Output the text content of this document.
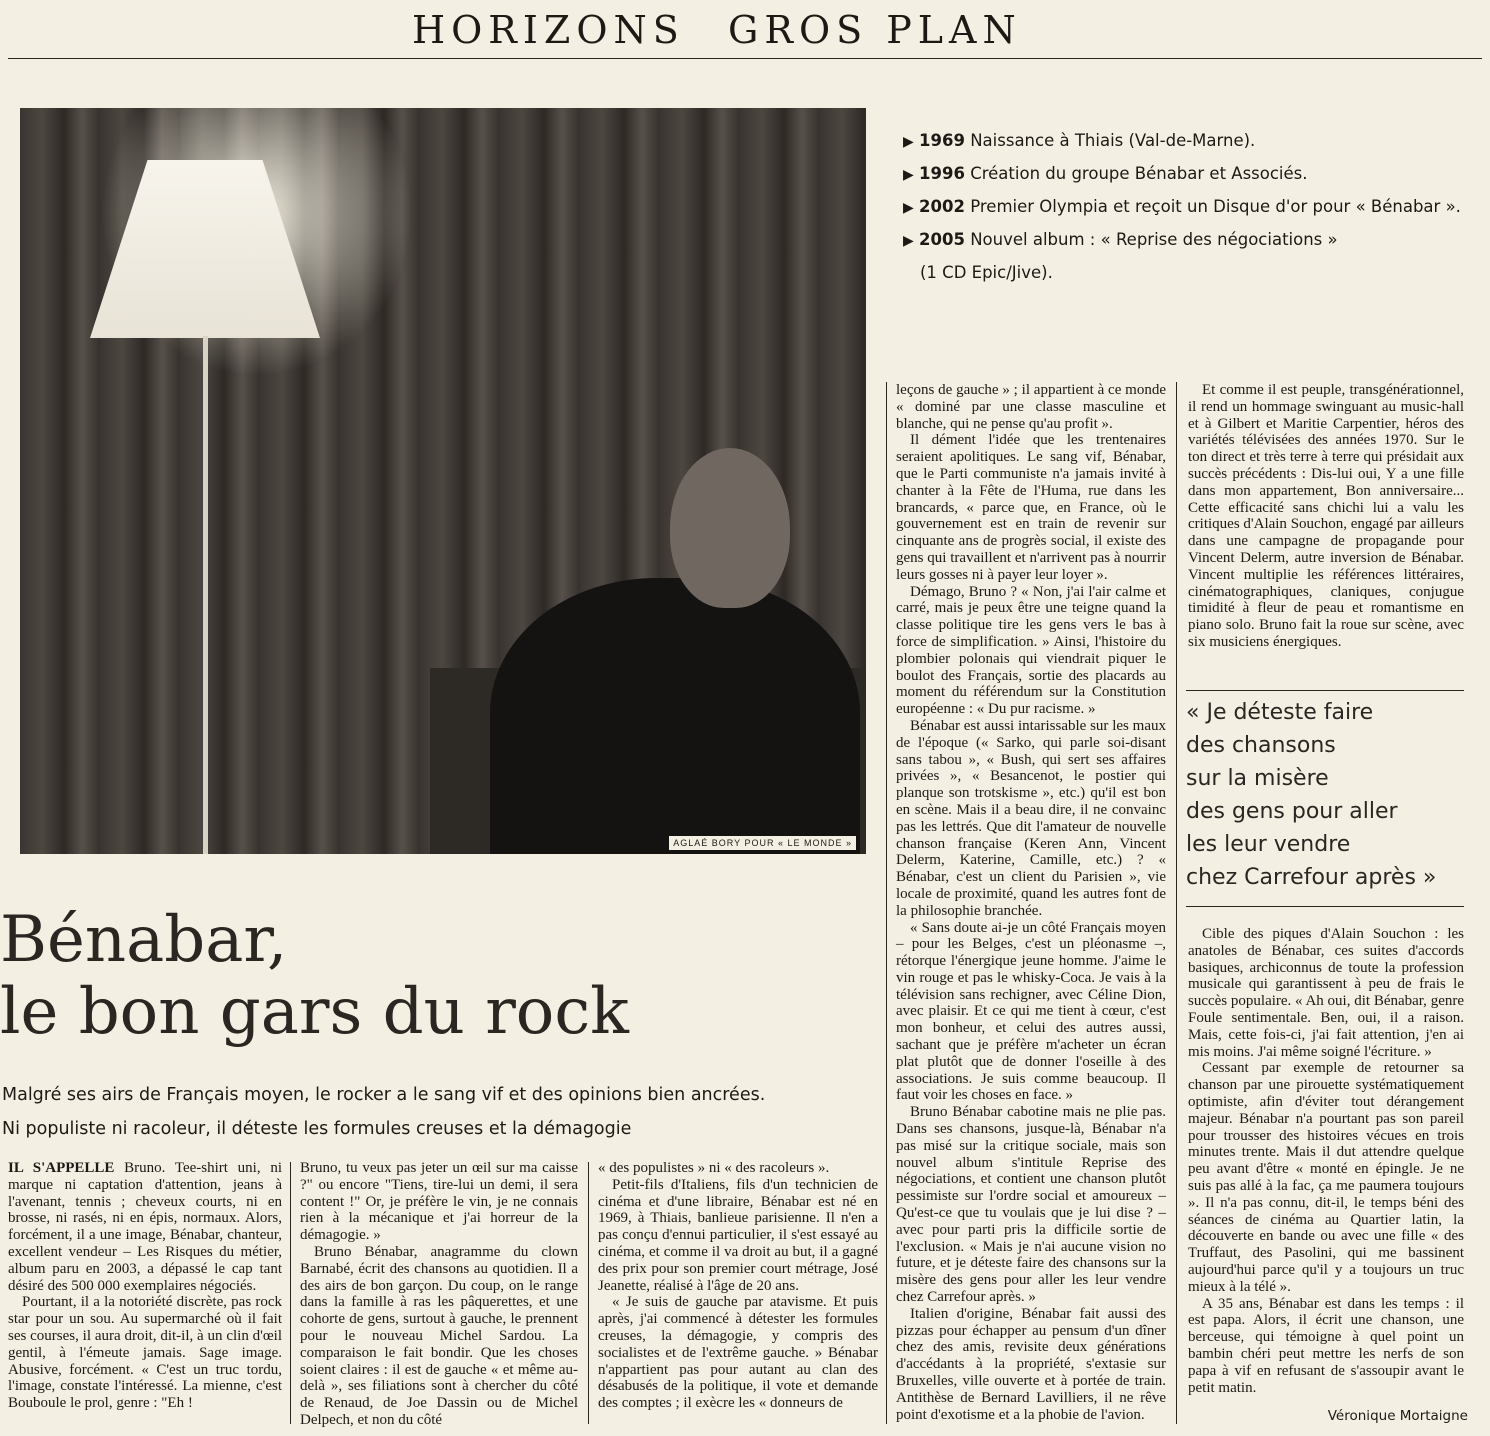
HORIZONS GROS PLAN
AGLAÉ BORY POUR « LE MONDE »
▶ 1969 Naissance à Thiais (Val-de-Marne).
▶ 1996 Création du groupe Bénabar et Associés.
▶ 2002 Premier Olympia et reçoit un Disque d'or pour « Bénabar ».
▶ 2005 Nouvel album : « Reprise des négociations »
(1 CD Epic/Jive).
Bénabar,
le bon gars du rock
Malgré ses airs de Français moyen, le rocker a le sang vif et des opinions bien ancrées.
Ni populiste ni racoleur, il déteste les formules creuses et la démagogie

IL S'APPELLE Bruno. Tee-shirt uni, ni marque ni captation d'attention, jeans à l'avenant, tennis ; cheveux courts, ni en brosse, ni rasés, ni en épis, normaux. Alors, forcément, il a une image, Bénabar, chanteur, excellent vendeur – Les Risques du métier, album paru en 2003, a dépassé le cap tant désiré des 500 000 exemplaires négociés.

Pourtant, il a la notoriété discrète, pas rock star pour un sou. Au supermarché où il fait ses courses, il aura droit, dit-il, à un clin d'œil gentil, à l'émeute jamais. Sage image. Abusive, forcément. « C'est un truc tordu, l'image, constate l'intéressé. La mienne, c'est Bouboule le prol, genre : "Eh !

Bruno, tu veux pas jeter un œil sur ma caisse ?" ou encore "Tiens, tire-lui un demi, il sera content !" Or, je préfère le vin, je ne connais rien à la mécanique et j'ai horreur de la démagogie. »

Bruno Bénabar, anagramme du clown Barnabé, écrit des chansons au quotidien. Il a des airs de bon garçon. Du coup, on le range dans la famille à ras les pâquerettes, et une cohorte de gens, surtout à gauche, le prennent pour le nouveau Michel Sardou. La comparaison le fait bondir. Que les choses soient claires : il est de gauche « et même au-delà », ses filiations sont à chercher du côté de Renaud, de Joe Dassin ou de Michel Delpech, et non du côté

« des populistes » ni « des racoleurs ».

Petit-fils d'Italiens, fils d'un technicien de cinéma et d'une libraire, Bénabar est né en 1969, à Thiais, banlieue parisienne. Il n'en a pas conçu d'ennui particulier, il s'est essayé au cinéma, et comme il va droit au but, il a gagné des prix pour son premier court métrage, José Jeanette, réalisé à l'âge de 20 ans.

« Je suis de gauche par atavisme. Et puis après, j'ai commencé à détester les formules creuses, la démagogie, y compris des socialistes et de l'extrême gauche. » Bénabar n'appartient pas pour autant au clan des désabusés de la politique, il vote et demande des comptes ; il exècre les « donneurs de

leçons de gauche » ; il appartient à ce monde « dominé par une classe masculine et blanche, qui ne pense qu'au profit ».

Il dément l'idée que les trentenaires seraient apolitiques. Le sang vif, Bénabar, que le Parti communiste n'a jamais invité à chanter à la Fête de l'Huma, rue dans les brancards, « parce que, en France, où le gouvernement est en train de revenir sur cinquante ans de progrès social, il existe des gens qui travaillent et n'arrivent pas à nourrir leurs gosses ni à payer leur loyer ».

Démago, Bruno ? « Non, j'ai l'air calme et carré, mais je peux être une teigne quand la classe politique tire les gens vers le bas à force de simplification. » Ainsi, l'histoire du plombier polonais qui viendrait piquer le boulot des Français, sortie des placards au moment du référendum sur la Constitution européenne : « Du pur racisme. »

Bénabar est aussi intarissable sur les maux de l'époque (« Sarko, qui parle soi-disant sans tabou », « Bush, qui sert ses affaires privées », « Besancenot, le postier qui planque son trotskisme », etc.) qu'il est bon en scène. Mais il a beau dire, il ne convainc pas les lettrés. Que dit l'amateur de nouvelle chanson française (Keren Ann, Vincent Delerm, Katerine, Camille, etc.) ? « Bénabar, c'est un client du Parisien », vie locale de proximité, quand les autres font de la philosophie branchée.

« Sans doute ai-je un côté Français moyen – pour les Belges, c'est un pléonasme –, rétorque l'énergique jeune homme. J'aime le vin rouge et pas le whisky-Coca. Je vais à la télévision sans rechigner, avec Céline Dion, avec plaisir. Et ce qui me tient à cœur, c'est mon bonheur, et celui des autres aussi, sachant que je préfère m'acheter un écran plat plutôt que de donner l'oseille à des associations. Je suis comme beaucoup. Il faut voir les choses en face. »

Bruno Bénabar cabotine mais ne plie pas. Dans ses chansons, jusque-là, Bénabar n'a pas misé sur la critique sociale, mais son nouvel album s'intitule Reprise des négociations, et contient une chanson plutôt pessimiste sur l'ordre social et amoureux – Qu'est-ce que tu voulais que je lui dise ? – avec pour parti pris la difficile sortie de l'exclusion. « Mais je n'ai aucune vision no future, et je déteste faire des chansons sur la misère des gens pour aller les leur vendre chez Carrefour après. »

Italien d'origine, Bénabar fait aussi des pizzas pour échapper au pensum d'un dîner chez des amis, revisite deux générations d'accédants à la propriété, s'extasie sur Bruxelles, ville ouverte et à portée de train. Antithèse de Bernard Lavilliers, il ne rêve point d'exotisme et a la phobie de l'avion.

Et comme il est peuple, transgénérationnel, il rend un hommage swinguant au music-hall et à Gilbert et Maritie Carpentier, héros des variétés télévisées des années 1970. Sur le ton direct et très terre à terre qui présidait aux succès précédents : Dis-lui oui, Y a une fille dans mon appartement, Bon anniversaire... Cette efficacité sans chichi lui a valu les critiques d'Alain Souchon, engagé par ailleurs dans une campagne de propagande pour Vincent Delerm, autre inversion de Bénabar. Vincent multiplie les références littéraires, cinématographiques, claniques, conjugue timidité à fleur de peau et romantisme en piano solo. Bruno fait la roue sur scène, avec six musiciens énergiques.

« Je déteste faire
des chansons
sur la misère
des gens pour aller
les leur vendre
chez Carrefour après »

Cible des piques d'Alain Souchon : les anatoles de Bénabar, ces suites d'accords basiques, archiconnus de toute la profession musicale qui garantissent à peu de frais le succès populaire. « Ah oui, dit Bénabar, genre Foule sentimentale. Ben, oui, il a raison. Mais, cette fois-ci, j'ai fait attention, j'en ai mis moins. J'ai même soigné l'écriture. »

Cessant par exemple de retourner sa chanson par une pirouette systématiquement optimiste, afin d'éviter tout dérangement majeur. Bénabar n'a pourtant pas son pareil pour trousser des histoires vécues en trois minutes trente. Mais il dut attendre quelque peu avant d'être « monté en épingle. Je ne suis pas allé à la fac, ça me paumera toujours ». Il n'a pas connu, dit-il, le temps béni des séances de cinéma au Quartier latin, la découverte en bande ou avec une fille « des Truffaut, des Pasolini, qui me bassinent aujourd'hui parce qu'il y a toujours un truc mieux à la télé ».

A 35 ans, Bénabar est dans les temps : il est papa. Alors, il écrit une chanson, une berceuse, qui témoigne à quel point un bambin chéri peut mettre les nerfs de son papa à vif en refusant de s'assoupir avant le petit matin.

Véronique Mortaigne
